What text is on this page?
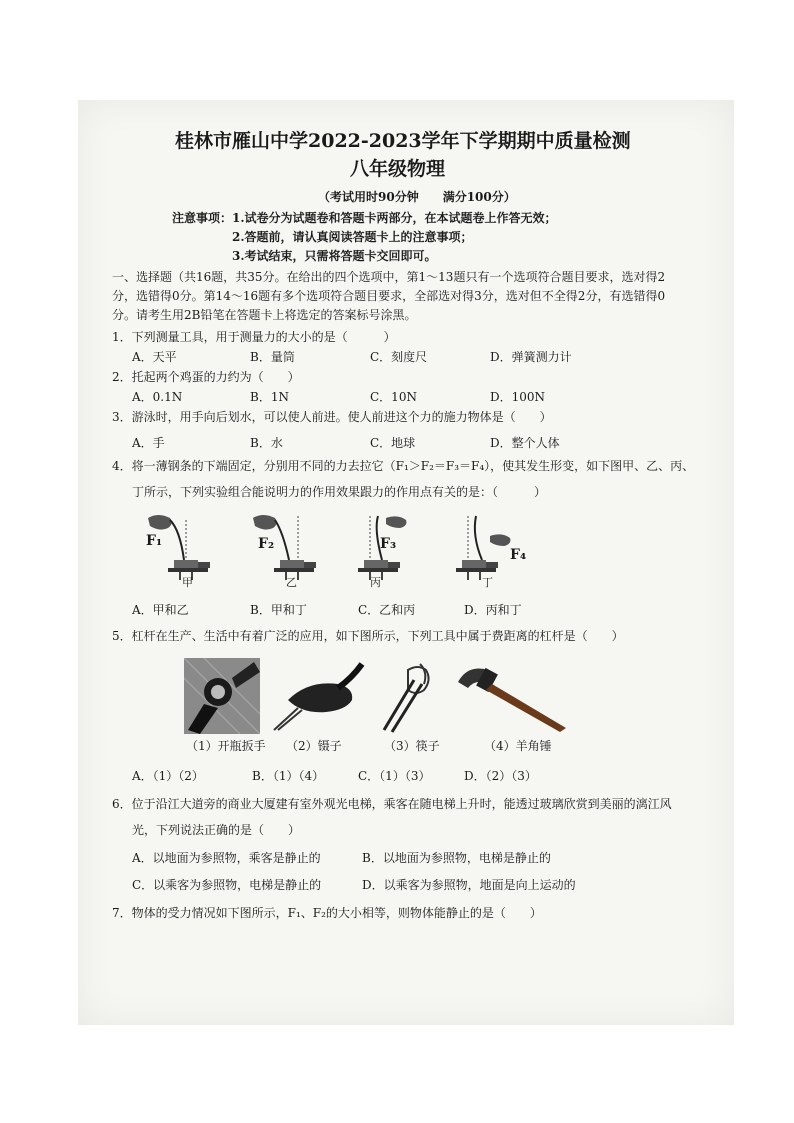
桂林市雁山中学2022-2023学年下学期期中质量检测
八年级物理
（考试用时90分钟　　满分100分）
注意事项： 1.试卷分为试题卷和答题卡两部分，在本试题卷上作答无效；
2.答题前，请认真阅读答题卡上的注意事项；
3.考试结束，只需将答题卡交回即可。
一、选择题（共16题，共35分。在给出的四个选项中，第1～13题只有一个选项符合题目要求，选对得2
分，选错得0分。第14～16题有多个选项符合题目要求，全部选对得3分，选对但不全得2分，有选错得0
分。请考生用2B铅笔在答题卡上将选定的答案标号涂黑。
1．下列测量工具，用于测量力的大小的是（　　　）
A．天平	B．量筒	C．刻度尺	D．弹簧测力计
2．托起两个鸡蛋的力约为（　　）
A．0.1N	B．1N	C．10N	D．100N
3．游泳时，用手向后划水，可以使人前进。使人前进这个力的施力物体是（　　）
A．手	B．水	C．地球	D．整个人体
4．将一薄钢条的下端固定，分别用不同的力去拉它（F₁＞F₂＝F₃＝F₄），使其发生形变，如下图甲、乙、丙、
丁所示，下列实验组合能说明力的作用效果跟力的作用点有关的是：（　　　）
F₁	F₂	F₃
F₄
甲	乙	丙	丁
A．甲和乙	B．甲和丁	C．乙和丙	D．丙和丁
5．杠杆在生产、生活中有着广泛的应用，如下图所示，下列工具中属于费距离的杠杆是（　　）
（1）开瓶扳手 （2）镊子	（3）筷子	（4）羊角锤
A．（1）（2）	B．（1）（4）	C．（1）（3）	D．（2）（3）
6．位于沿江大道旁的商业大厦建有室外观光电梯，乘客在随电梯上升时，能透过玻璃欣赏到美丽的漓江风
光，下列说法正确的是（　　）
A．以地面为参照物，乘客是静止的	B．以地面为参照物，电梯是静止的
C．以乘客为参照物，电梯是静止的	D．以乘客为参照物，地面是向上运动的
7．物体的受力情况如下图所示，F₁、F₂的大小相等，则物体能静止的是（　　）
